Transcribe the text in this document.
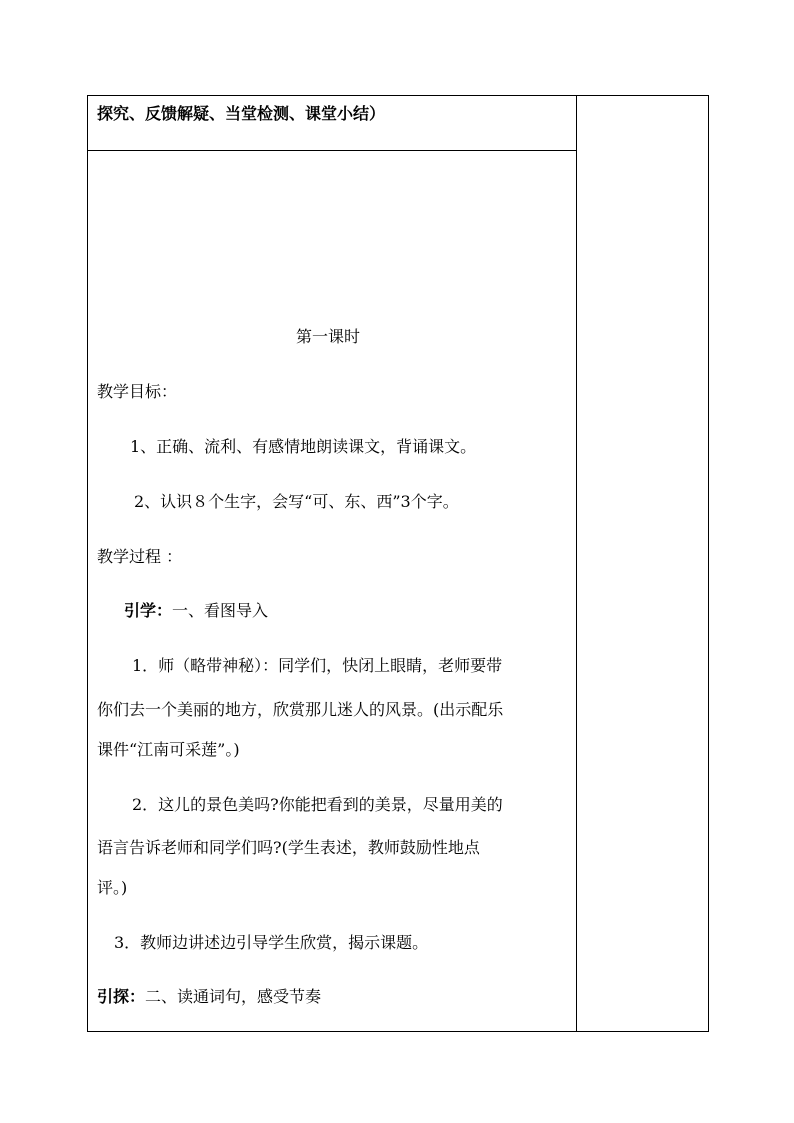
探究、反馈解疑、当堂检测、课堂小结）
第一课时
教学目标：
1、正确、流利、有感情地朗读课文，背诵课文。
2、认识８个生字，会写“可、东、西”3个字。
教学过程 ：
引学：一、看图导入
1．师（略带神秘）：同学们，快闭上眼睛，老师要带
你们去一个美丽的地方，欣赏那儿迷人的风景。(出示配乐
课件“江南可采莲”。)
2．这儿的景色美吗?你能把看到的美景，尽量用美的
语言告诉老师和同学们吗?(学生表述，教师鼓励性地点
评。)
3．教师边讲述边引导学生欣赏，揭示课题。
引探：二、读通词句，感受节奏
